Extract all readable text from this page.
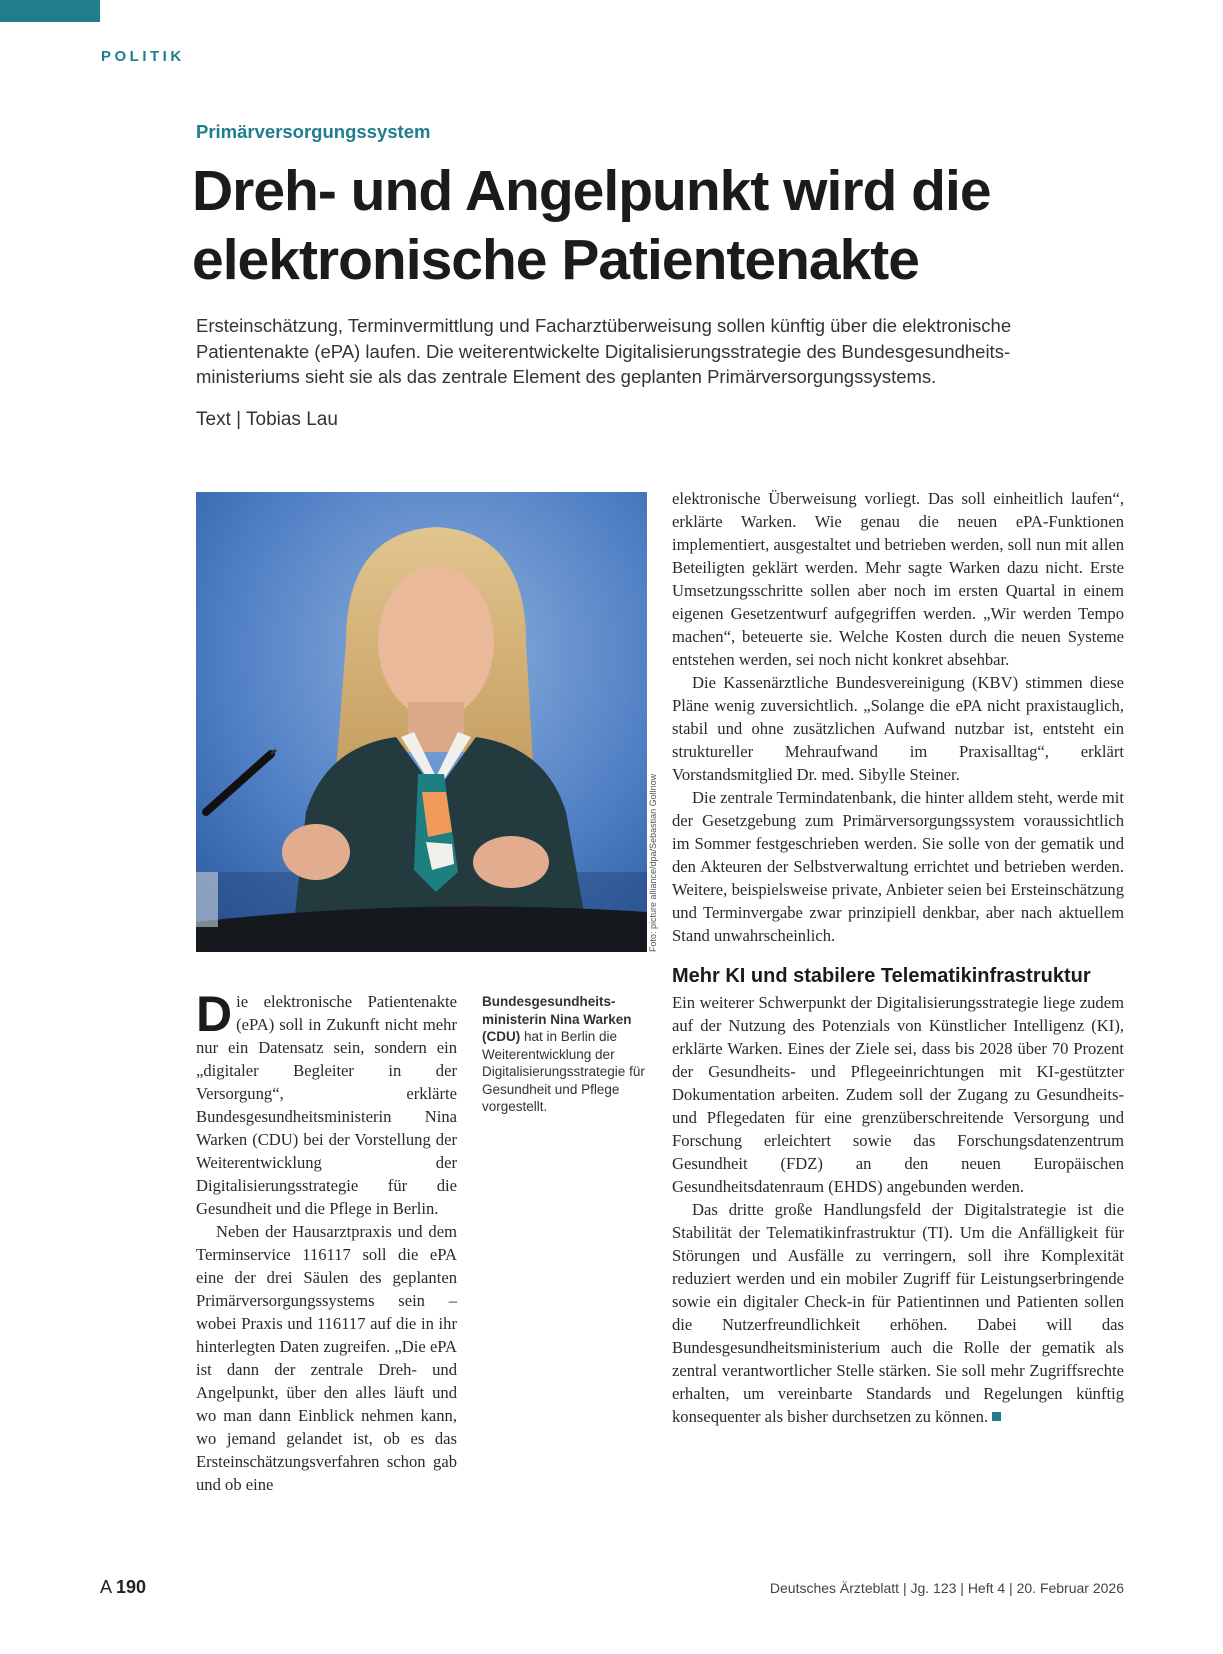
POLITIK
Primärversorgungssystem
Dreh- und Angelpunkt wird die elektronische Patientenakte

Ersteinschätzung, Terminvermittlung und Facharztüberweisung sollen künftig über die elektronische Patientenakte (ePA) laufen. Die weiterentwickelte Digitalisierungsstrategie des Bundesgesundheitsministeriums sieht sie als das zentrale Element des geplanten Primärversorgungssystems.

Text | Tobias Lau
Foto: picture alliance/dpa/Sebastian Gollnow

Die elektronische Patientenakte (ePA) soll in Zukunft nicht mehr nur ein Datensatz sein, sondern ein „digitaler Begleiter in der Versorgung“, erklärte Bundesgesundheitsministerin Nina Warken (CDU) bei der Vorstellung der Weiterentwicklung der Digitalisierungsstrategie für die Gesundheit und die Pflege in Berlin.

Neben der Hausarztpraxis und dem Terminservice 116117 soll die ePA eine der drei Säulen des geplanten Primärversorgungssystems sein – wobei Praxis und 116117 auf die in ihr hinterlegten Daten zugreifen. „Die ePA ist dann der zentrale Dreh- und Angelpunkt, über den alles läuft und wo man dann Einblick nehmen kann, wo jemand gelandet ist, ob es das Ersteinschätzungsverfahren schon gab und ob eine

Bundesgesundheitsministerin Nina Warken (CDU) hat in Berlin die Weiterentwicklung der Digitalisierungsstrategie für Gesundheit und Pflege vorgestellt.

elektronische Überweisung vorliegt. Das soll einheitlich laufen“, erklärte Warken. Wie genau die neuen ePA-Funktionen implementiert, ausgestaltet und betrieben werden, soll nun mit allen Beteiligten geklärt werden. Mehr sagte Warken dazu nicht. Erste Umsetzungsschritte sollen aber noch im ersten Quartal in einem eigenen Gesetzentwurf aufgegriffen werden. „Wir werden Tempo machen“, beteuerte sie. Welche Kosten durch die neuen Systeme entstehen werden, sei noch nicht konkret absehbar.

Die Kassenärztliche Bundesvereinigung (KBV) stimmen diese Pläne wenig zuversichtlich. „Solange die ePA nicht praxistauglich, stabil und ohne zusätzlichen Aufwand nutzbar ist, entsteht ein struktureller Mehraufwand im Praxisalltag“, erklärt Vorstandsmitglied Dr. med. Sibylle Steiner.

Die zentrale Termindatenbank, die hinter alldem steht, werde mit der Gesetzgebung zum Primärversorgungssystem voraussichtlich im Sommer festgeschrieben werden. Sie solle von der gematik und den Akteuren der Selbstverwaltung errichtet und betrieben werden. Weitere, beispielsweise private, Anbieter seien bei Ersteinschätzung und Terminvergabe zwar prinzipiell denkbar, aber nach aktuellem Stand unwahrscheinlich.

Mehr KI und stabilere Telematikinfrastruktur

Ein weiterer Schwerpunkt der Digitalisierungsstrategie liege zudem auf der Nutzung des Potenzials von Künstlicher Intelligenz (KI), erklärte Warken. Eines der Ziele sei, dass bis 2028 über 70 Prozent der Gesundheits- und Pflegeeinrichtungen mit KI-gestützter Dokumentation arbeiten. Zudem soll der Zugang zu Gesundheits- und Pflegedaten für eine grenzüberschreitende Versorgung und Forschung erleichtert sowie das Forschungsdatenzentrum Gesundheit (FDZ) an den neuen Europäischen Gesundheitsdatenraum (EHDS) angebunden werden.

Das dritte große Handlungsfeld der Digitalstrategie ist die Stabilität der Telematikinfrastruktur (TI). Um die Anfälligkeit für Störungen und Ausfälle zu verringern, soll ihre Komplexität reduziert werden und ein mobiler Zugriff für Leistungserbringende sowie ein digitaler Check-in für Patientinnen und Patienten sollen die Nutzerfreundlichkeit erhöhen. Dabei will das Bundesgesundheitsministerium auch die Rolle der gematik als zentral verantwortlicher Stelle stärken. Sie soll mehr Zugriffsrechte erhalten, um vereinbarte Standards und Regelungen künftig konsequenter als bisher durchsetzen zu können.

A 190	Deutsches Ärzteblatt | Jg. 123 | Heft 4 | 20. Februar 2026
